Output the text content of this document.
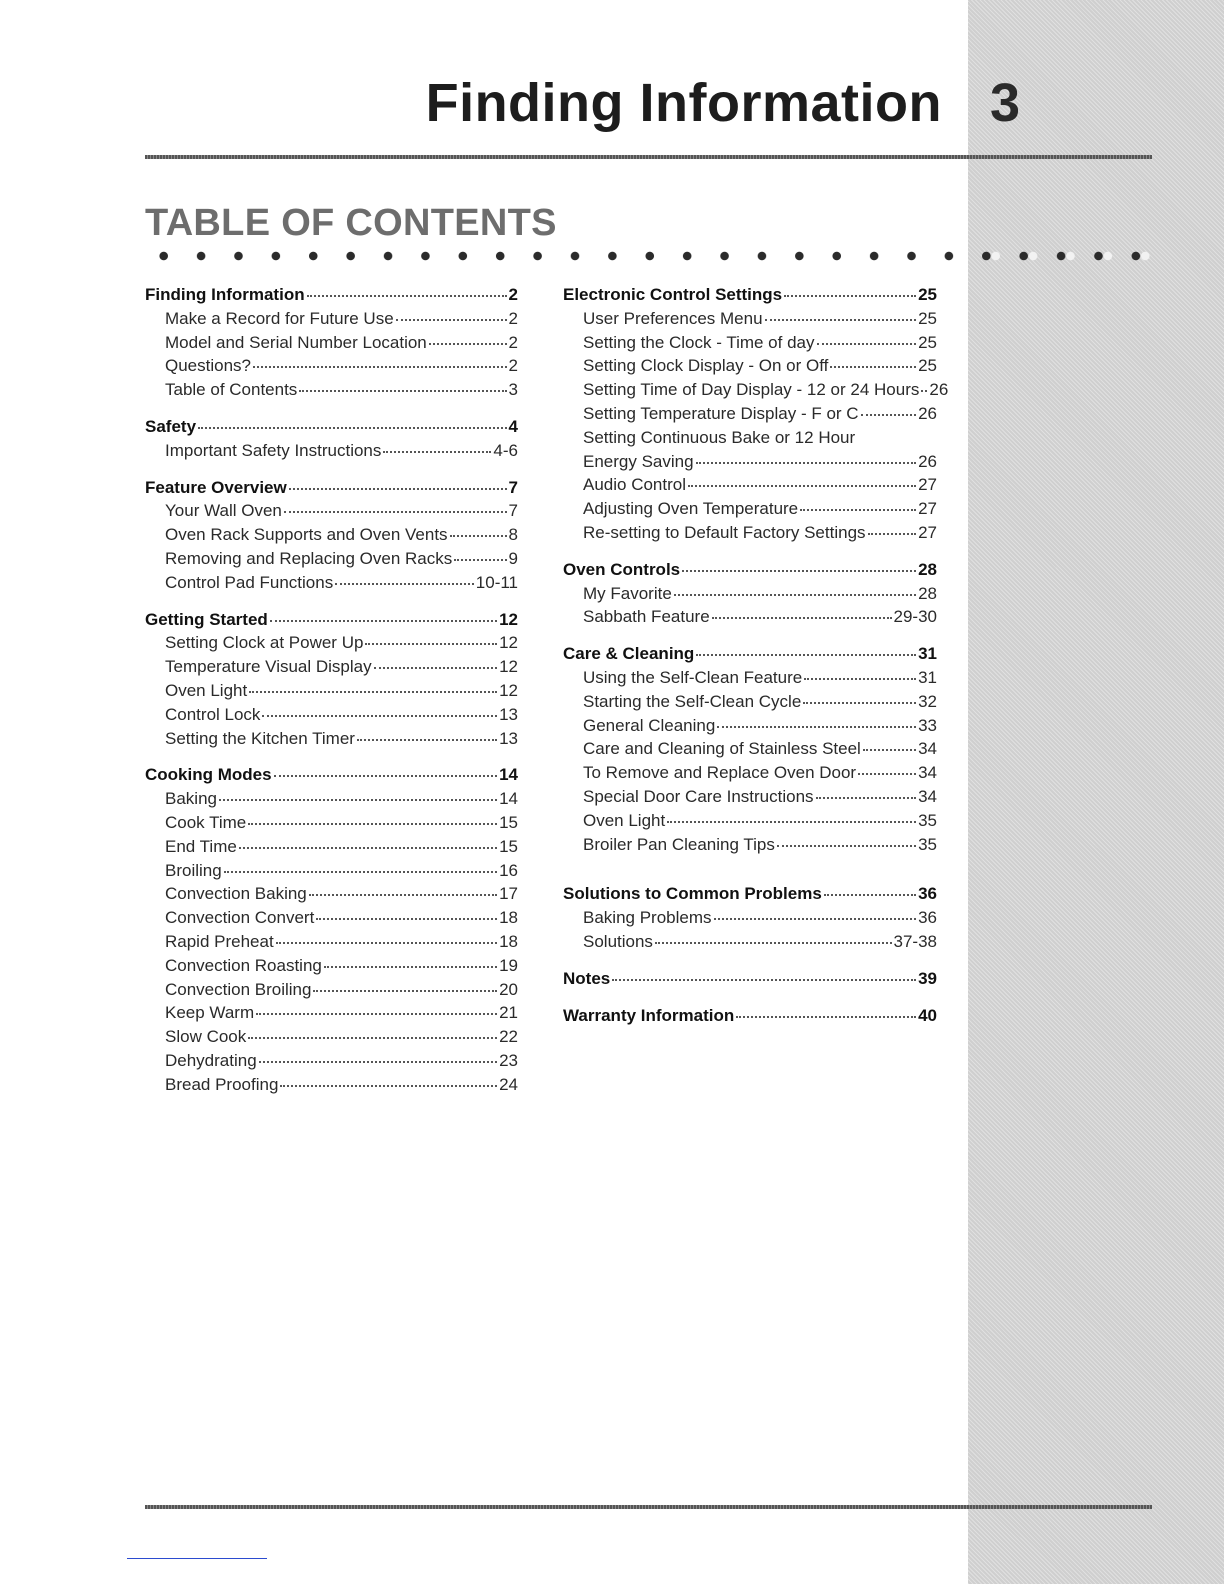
Finding Information 3
TABLE OF CONTENTS
Finding Information	2
Make a Record for Future Use	2
Model and Serial Number Location	2
Questions?	2
Table of Contents	3
Safety	4
Important Safety Instructions	4-6
Feature Overview	7
Your Wall Oven	7
Oven Rack Supports and Oven Vents	8
Removing and Replacing Oven Racks	9
Control Pad Functions	10-11
Getting Started	12
Setting Clock at Power Up	12
Temperature Visual Display	12
Oven Light	12
Control Lock	13
Setting the Kitchen Timer	13
Cooking Modes	14
Baking	14
Cook Time	15
End Time	15
Broiling	16
Convection Baking	17
Convection Convert	18
Rapid Preheat	18
Convection Roasting	19
Convection Broiling	20
Keep Warm	21
Slow Cook	22
Dehydrating	23
Bread Proofing	24
Electronic Control Settings	25
User Preferences Menu	25
Setting the Clock - Time of day	25
Setting Clock Display - On or Off	25
Setting Time of Day Display - 12 or 24 Hours 26
Setting Temperature Display - F or C	26
Setting Continuous Bake or 12 Hour
Energy Saving	26
Audio Control	27
Adjusting Oven Temperature	27
Re-setting to Default Factory Settings	27
Oven Controls	28
My Favorite	28
Sabbath Feature	29-30
Care & Cleaning	31
Using the Self-Clean Feature	31
Starting the Self-Clean Cycle	32
General Cleaning	33
Care and Cleaning of Stainless Steel	34
To Remove and Replace Oven Door	34
Special Door Care Instructions	34
Oven Light	35
Broiler Pan Cleaning Tips	35
Solutions to Common Problems	36
Baking Problems	36
Solutions	37-38
Notes	39
Warranty Information	40
